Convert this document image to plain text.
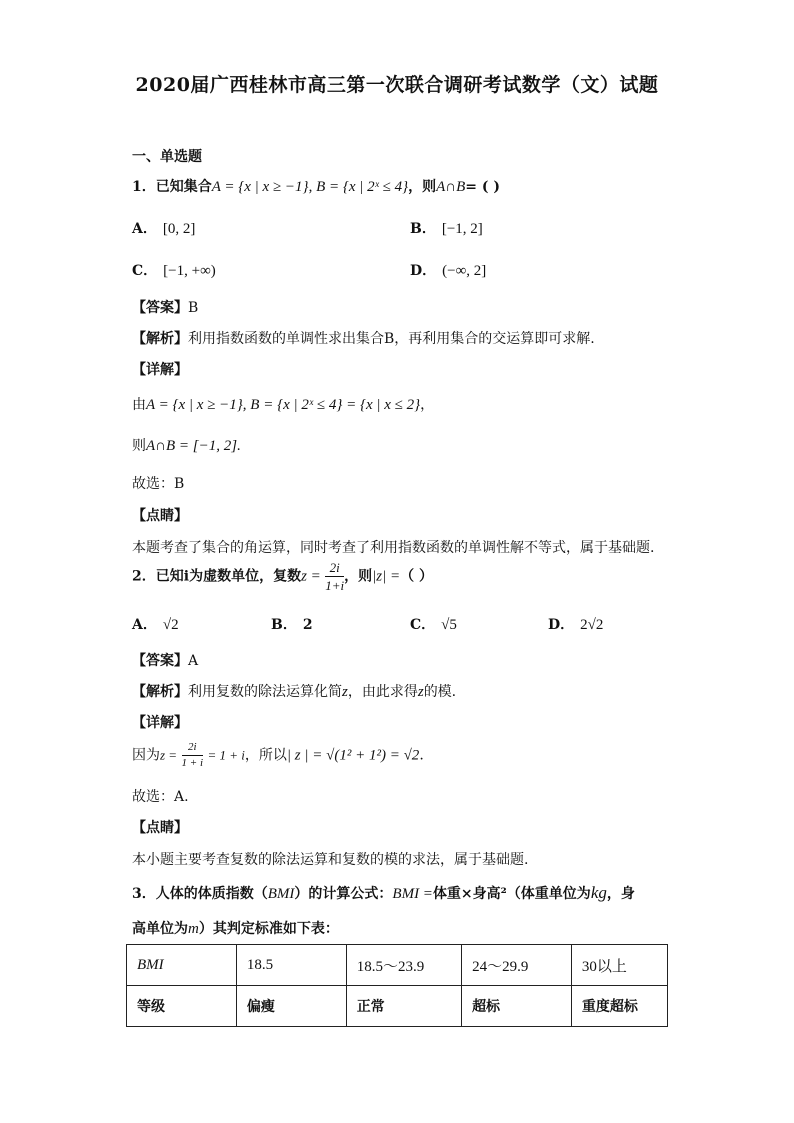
2020届广西桂林市高三第一次联合调研考试数学（文）试题
一、单选题
1．已知集合A = {x | x ≥ −1}, B = {x | 2ˣ ≤ 4}，则A∩B= ( )
A． [0, 2]	B． [−1, 2]
C． [−1, +∞)	D． (−∞, 2]
【答案】B
【解析】利用指数函数的单调性求出集合B，再利用集合的交运算即可求解.
【详解】
由A = {x | x ≥ −1}, B = {x | 2ˣ ≤ 4} = {x | x ≤ 2}，
则A∩B = [−1, 2].
故选：B
【点睛】
本题考查了集合的角运算，同时考查了利用指数函数的单调性解不等式，属于基础题.
2．已知i为虚数单位，复数$z = \frac{2i}{1+i}$ ，则|z| =（ ）
A． √2	B． 2	C． √5	D． 2√2
【答案】A
【解析】利用复数的除法运算化简z，由此求得z的模.
【详解】
因为$z = \frac{2i}{1 + i} = 1 + i$，所以| z | = √(1² + 1²) = √2.
故选：A.
【点睛】
本小题主要考查复数的除法运算和复数的模的求法，属于基础题.
3．人体的体质指数（BMI）的计算公式：BMI =体重×身高²（体重单位为kg，身
高单位为m）其判定标准如下表：
BMI	18.5	18.5～23.9	24～29.9	30以上
等级	偏瘦	正常	超标	重度超标
